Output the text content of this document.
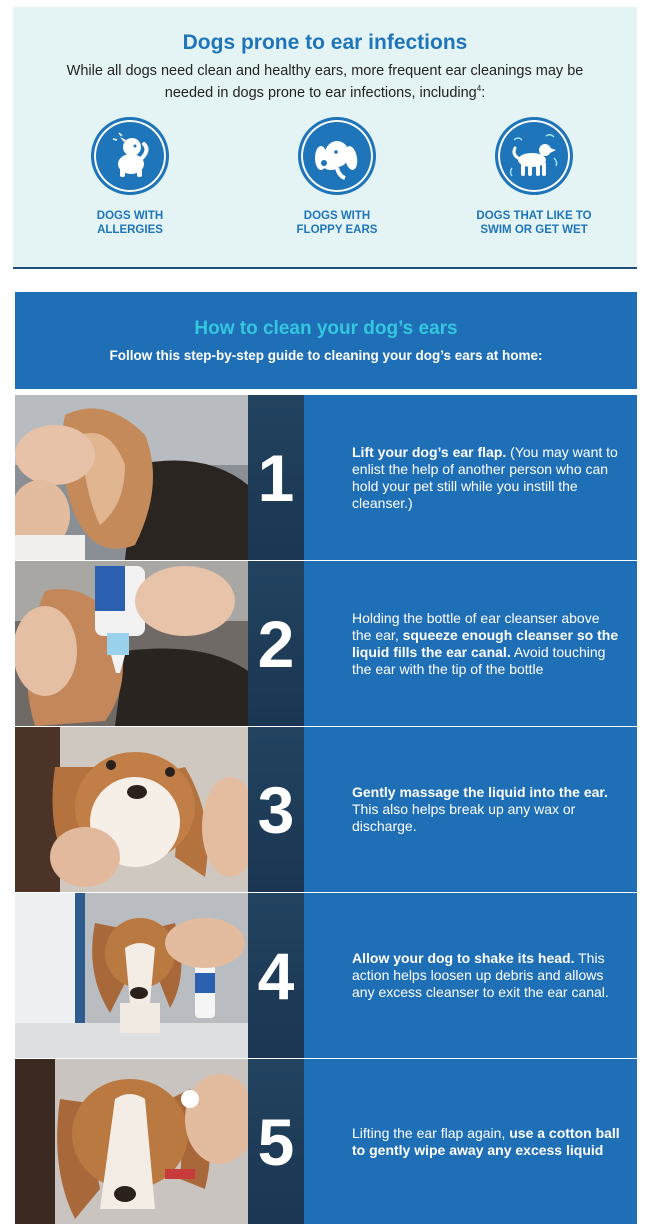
Dogs prone to ear infections
While all dogs need clean and healthy ears, more frequent ear cleanings may be needed in dogs prone to ear infections, including$^4$:
DOGS WITH
ALLERGIES
DOGS WITH
FLOPPY EARS
DOGS THAT LIKE TO
SWIM OR GET WET
How to clean your dog’s ears
Follow this step-by-step guide to cleaning your dog’s ears at home:
1	Lift your dog’s ear flap. (You may want to enlist the help of another person who can hold your pet still while you instill the cleanser.)
2	Holding the bottle of ear cleanser above the ear, squeeze enough cleanser so the liquid fills the ear canal. Avoid touching the ear with the tip of the bottle
3	Gently massage the liquid into the ear. This also helps break up any wax or discharge.
4	Allow your dog to shake its head. This action helps loosen up debris and allows any excess cleanser to exit the ear canal.
5	Lifting the ear flap again, use a cotton ball to gently wipe away any excess liquid
